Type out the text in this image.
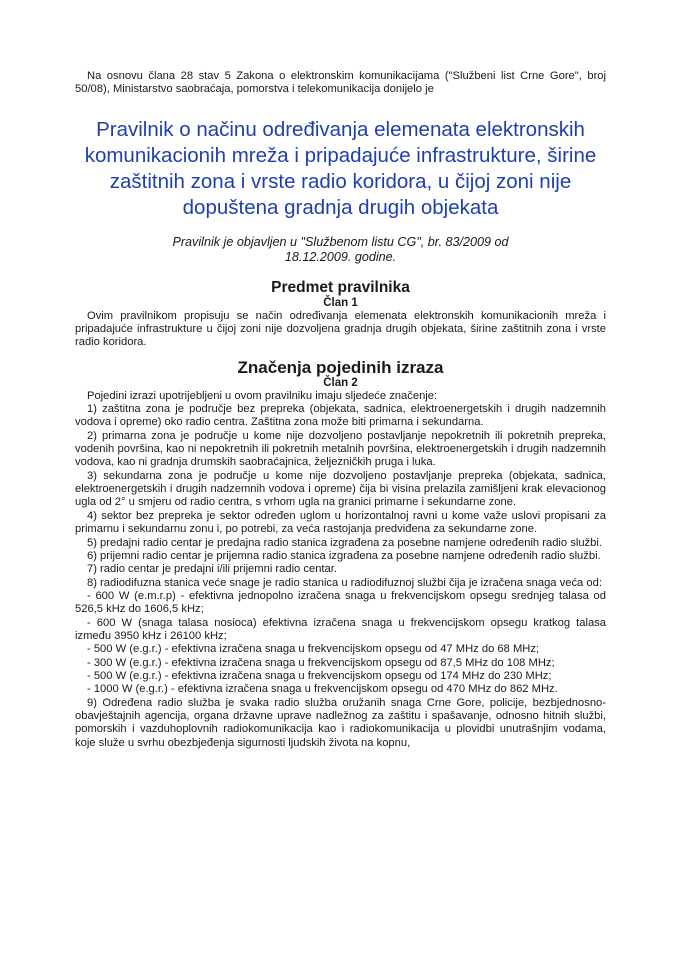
Na osnovu člana 28 stav 5 Zakona o elektronskim komunikacijama ("Službeni list Crne Gore", broj 50/08), Ministarstvo saobraćaja, pomorstva i telekomunikacija donijelo je

Pravilnik o načinu određivanja elemenata elektronskih
komunikacionih mreža i pripadajuće infrastrukture, širine
zaštitnih zona i vrste radio koridora, u čijoj zoni nije
dopuštena gradnja drugih objekata
Pravilnik je objavljen u "Službenom listu CG", br. 83/2009 od
18.12.2009. godine.
Predmet pravilnika
Član 1

Ovim pravilnikom propisuju se način određivanja elemenata elektronskih komunikacionih mreža i pripadajuće infrastrukture u čijoj zoni nije dozvoljena gradnja drugih objekata, širine zaštitnih zona i vrste radio koridora.

Značenja pojedinih izraza
Član 2

Pojedini izrazi upotrijebljeni u ovom pravilniku imaju sljedeće značenje:

1) zaštitna zona je područje bez prepreka (objekata, sadnica, elektroenergetskih i drugih nadzemnih vodova i opreme) oko radio centra. Zaštitna zona može biti primarna i sekundarna.

2) primarna zona je područje u kome nije dozvoljeno postavljanje nepokretnih ili pokretnih prepreka, vodenih površina, kao ni nepokretnih ili pokretnih metalnih površina, elektroenergetskih i drugih nadzemnih vodova, kao ni gradnja drumskih saobraćajnica, željezničkih pruga i luka.

3) sekundarna zona je područje u kome nije dozvoljeno postavljanje prepreka (objekata, sadnica, elektroenergetskih i drugih nadzemnih vodova i opreme) čija bi visina prelazila zamišljeni krak elevacionog ugla od 2° u smjeru od radio centra, s vrhom ugla na granici primarne i sekundarne zone.

4) sektor bez prepreka je sektor određen uglom u horizontalnoj ravni u kome važe uslovi propisani za primarnu i sekundarnu zonu i, po potrebi, za veća rastojanja predviđena za sekundarne zone.

5) predajni radio centar je predajna radio stanica izgrađena za posebne namjene određenih radio službi.

6) prijemni radio centar je prijemna radio stanica izgrađena za posebne namjene određenih radio službi.

7) radio centar je predajni i/ili prijemni radio centar.

8) radiodifuzna stanica veće snage je radio stanica u radiodifuznoj službi čija je izračena snaga veća od:

- 600 W (e.m.r.p) - efektivna jednopolno izračena snaga u frekvencijskom opsegu srednjeg talasa od 526,5 kHz do 1606,5 kHz;

- 600 W (snaga talasa nosioca) efektivna izračena snaga u frekvencijskom opsegu kratkog talasa između 3950 kHz i 26100 kHz;

- 500 W (e.g.r.) - efektivna izračena snaga u frekvencijskom opsegu od 47 MHz do 68 MHz;

- 300 W (e.g.r.) - efektivna izračena snaga u frekvencijskom opsegu od 87,5 MHz do 108 MHz;

- 500 W (e.g.r.) - efektivna izračena snaga u frekvencijskom opsegu od 174 MHz do 230 MHz;

- 1000 W (e.g.r.) - efektivna izračena snaga u frekvencijskom opsegu od 470 MHz do 862 MHz.

9) Određena radio služba je svaka radio služba oružanih snaga Crne Gore, policije, bezbjednosno-obavještajnih agencija, organa državne uprave nadležnog za zaštitu i spašavanje, odnosno hitnih službi, pomorskih i vazduhoplovnih radiokomunikacija kao i radiokomunikacija u plovidbi unutrašnjim vodama, koje služe u svrhu obezbjeđenja sigurnosti ljudskih života na kopnu,
